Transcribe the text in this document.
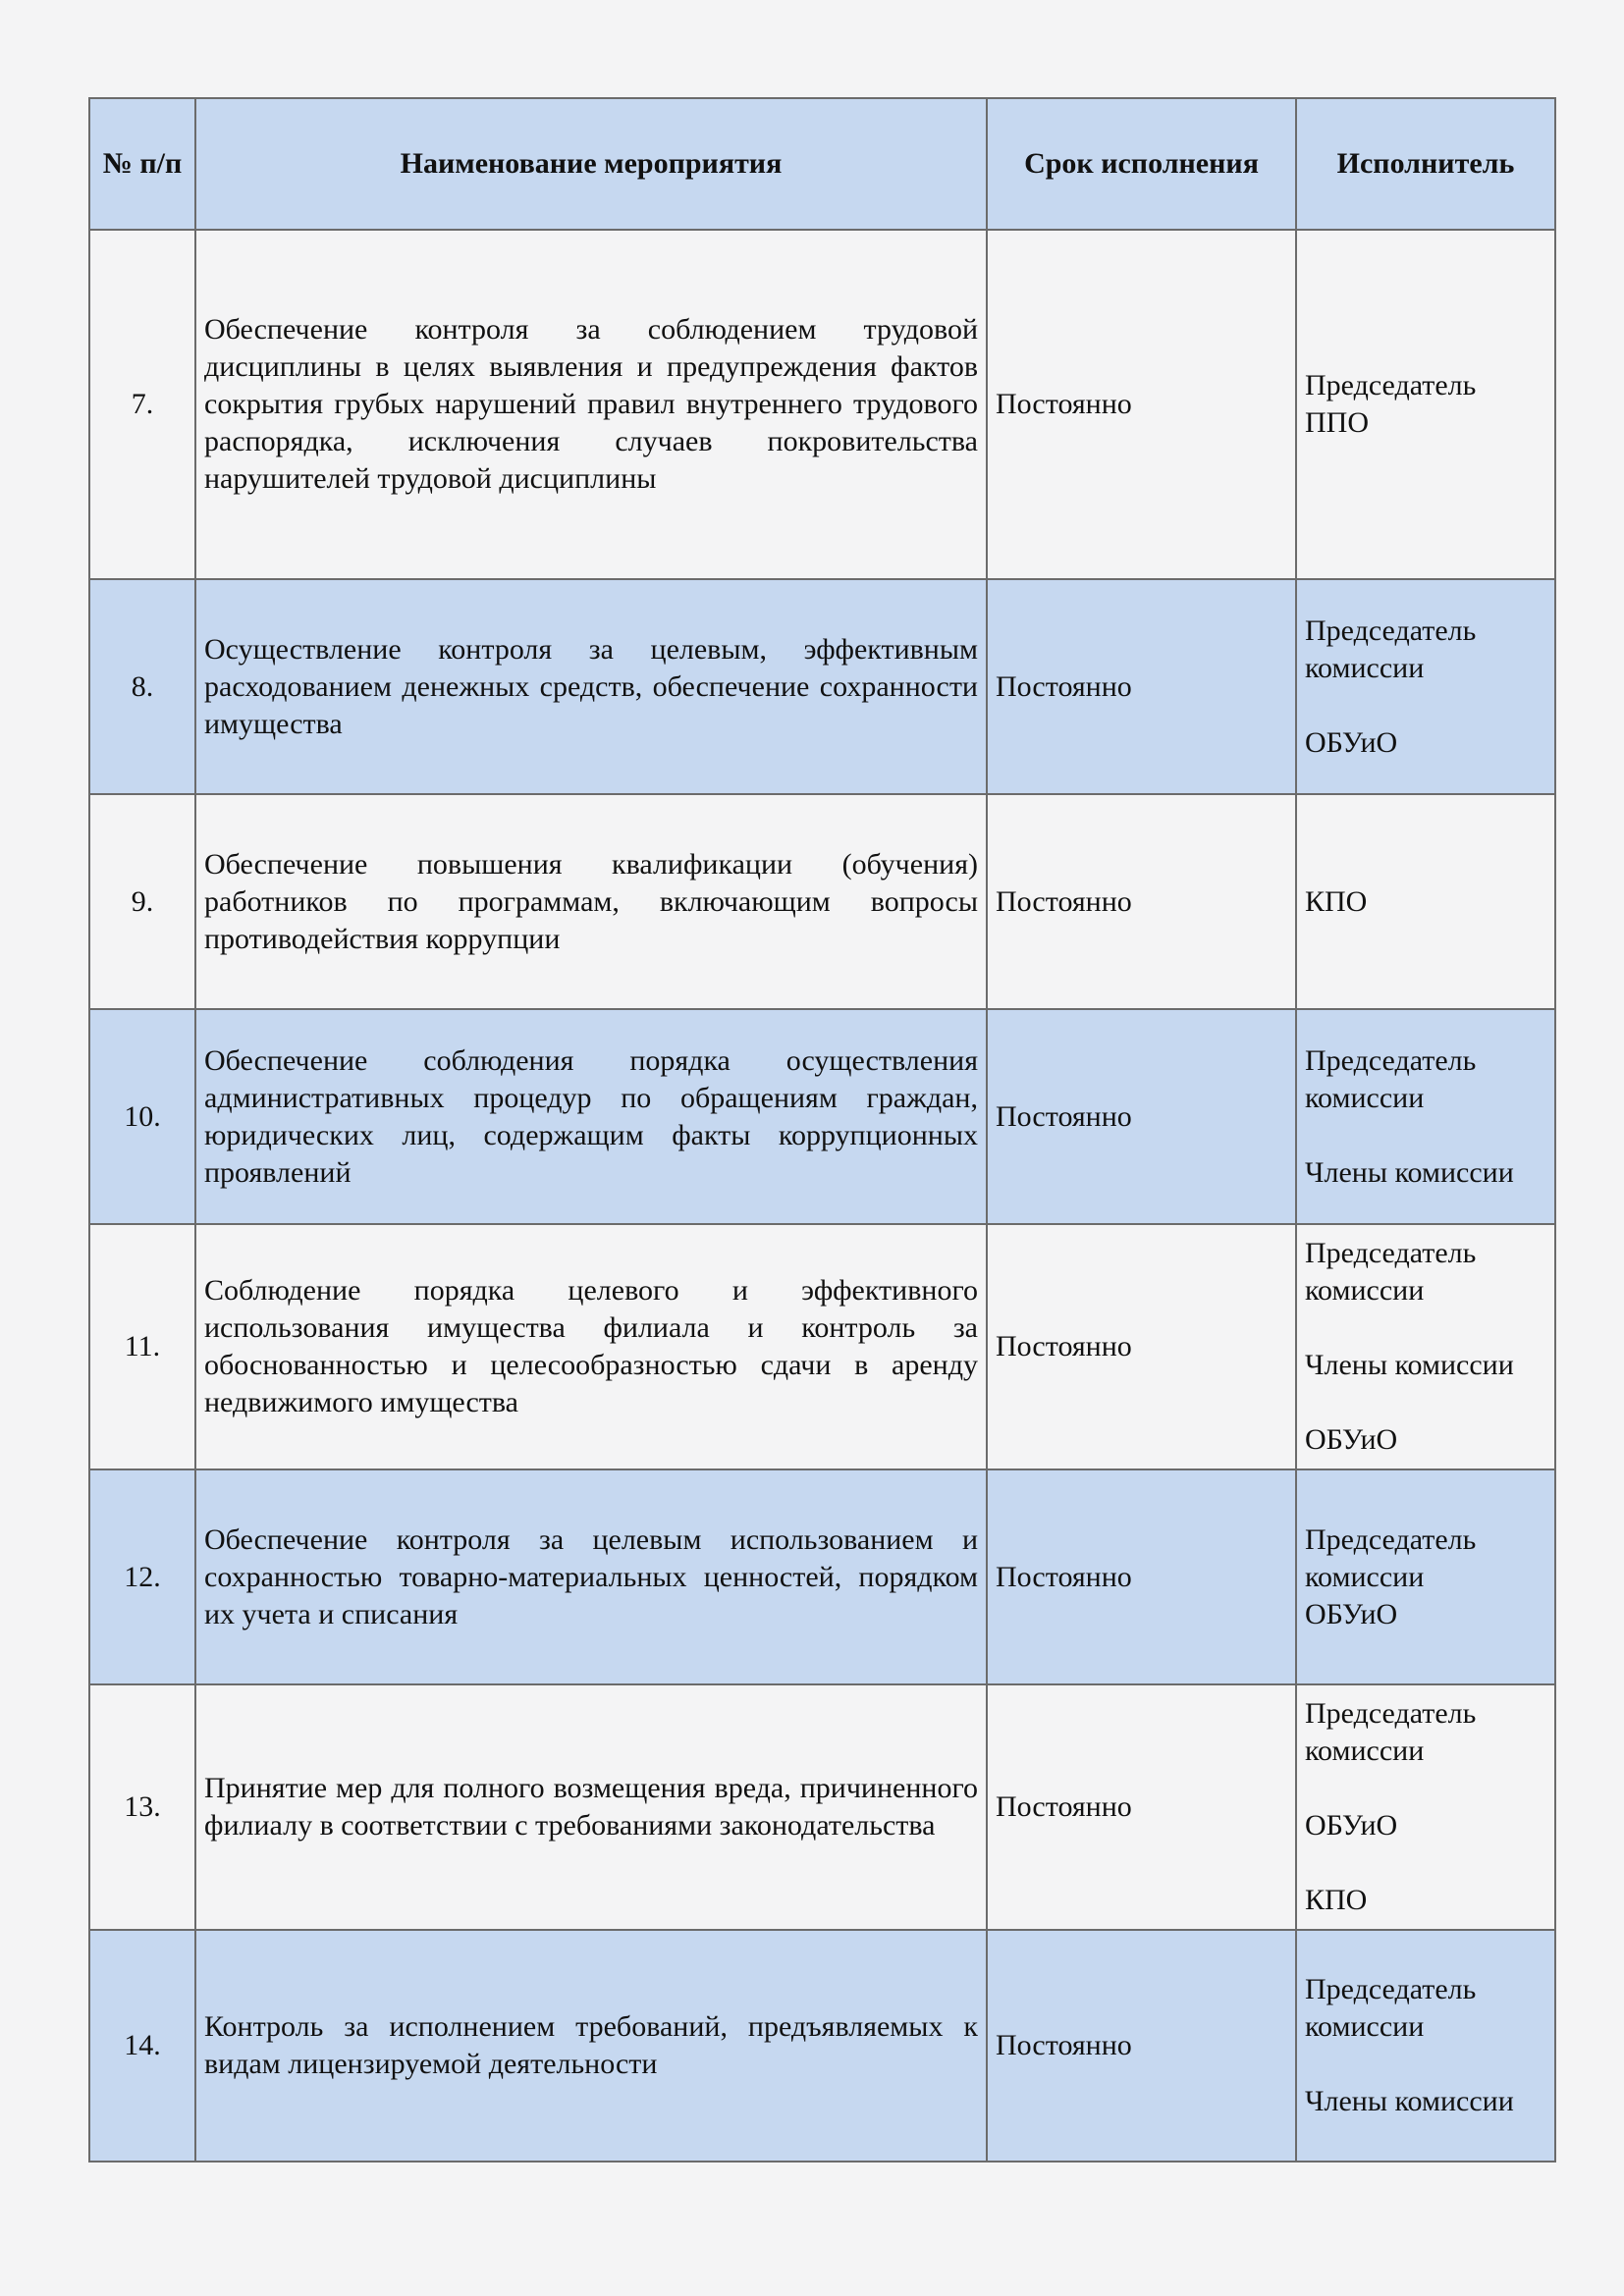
№ п/п	Наименование мероприятия	Срок исполнения	Исполнитель
7.	Обеспечение контроля за соблюдением трудовой дисциплины в целях выявления и предупреждения фактов сокрытия грубых нарушений правил внутреннего трудового распорядка, исключения случаев покровительства нарушителей трудовой дисциплины	Постоянно	Председатель ППО

8.	Осуществление контроля за целевым, эффективным расходованием денежных средств, обеспечение сохранности имущества	Постоянно	Председатель комиссии
ОБУиО

9.	Обеспечение повышения квалификации (обучения) работников по программам, включающим вопросы противодействия коррупции	Постоянно	КПО

10.	Обеспечение соблюдения порядка осуществления административных процедур по обращениям граждан, юридических лиц, содержащим факты коррупционных проявлений	Постоянно	Председатель комиссии
Члены комиссии

11.	Соблюдение порядка целевого и эффективного использования имущества филиала и контроль за обоснованностью и целесообразностью сдачи в аренду недвижимого имущества	Постоянно	Председатель комиссии
Члены комиссии
ОБУиО

12.	Обеспечение контроля за целевым использованием и сохранностью товарно-материальных ценностей, порядком их учета и списания	Постоянно	Председатель комиссии
ОБУиО

13.	Принятие мер для полного возмещения вреда, причиненного филиалу в соответствии с требованиями законодательства	Постоянно	Председатель комиссии
ОБУиО
КПО

14.	Контроль за исполнением требований, предъявляемых к видам лицензируемой деятельности	Постоянно	Председатель комиссии
Члены комиссии
